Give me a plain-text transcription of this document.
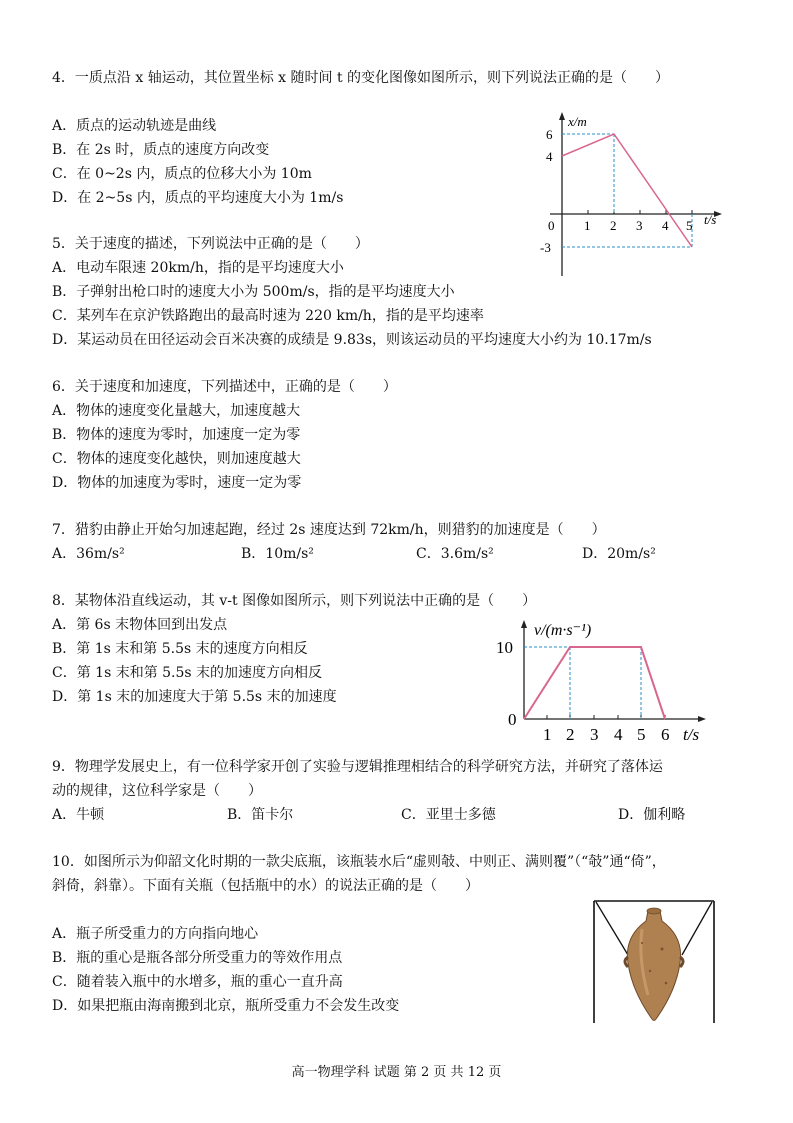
4．一质点沿 x 轴运动，其位置坐标 x 随时间 t 的变化图像如图所示，则下列说法正确的是（　　）
A．质点的运动轨迹是曲线
B．在 2s 时，质点的速度方向改变
C．在 0~2s 内，质点的位移大小为 10m
D．在 2~5s 内，质点的平均速度大小为 1m/s
x/m
t/s
6
4
-3
0 1 2 3 4 5
5．关于速度的描述，下列说法中正确的是（　　）
A．电动车限速 20km/h，指的是平均速度大小
B．子弹射出枪口时的速度大小为 500m/s，指的是平均速度大小
C．某列车在京沪铁路跑出的最高时速为 220 km/h，指的是平均速率
D．某运动员在田径运动会百米决赛的成绩是 9.83s，则该运动员的平均速度大小约为 10.17m/s
6．关于速度和加速度，下列描述中，正确的是（　　）
A．物体的速度变化量越大，加速度越大
B．物体的速度为零时，加速度一定为零
C．物体的速度变化越快，则加速度越大
D．物体的加速度为零时，速度一定为零
7．猎豹由静止开始匀加速起跑，经过 2s 速度达到 72km/h，则猎豹的加速度是（　　）
A．36m/s²	B．10m/s²	C．3.6m/s²	D．20m/s²
8．某物体沿直线运动，其 v-t 图像如图所示，则下列说法中正确的是（　　）
A．第 6s 末物体回到出发点
B．第 1s 末和第 5.5s 末的速度方向相反
C．第 1s 末和第 5.5s 末的加速度方向相反
D．第 1s 末的加速度大于第 5.5s 末的加速度
v/(m·s⁻¹)
t/s
10
0
1 2 3 4 5 6
9．物理学发展史上，有一位科学家开创了实验与逻辑推理相结合的科学研究方法，并研究了落体运
动的规律，这位科学家是（　　）
A．牛顿	B．笛卡尔	C．亚里士多德	D．伽利略
10．如图所示为仰韶文化时期的一款尖底瓶，该瓶装水后“虚则攲、中则正、满则覆”（“攲”通“倚”，
斜倚，斜靠）。下面有关瓶（包括瓶中的水）的说法正确的是（　　）
A．瓶子所受重力的方向指向地心
B．瓶的重心是瓶各部分所受重力的等效作用点
C．随着装入瓶中的水增多，瓶的重心一直升高
D．如果把瓶由海南搬到北京，瓶所受重力不会发生改变
高一物理学科 试题 第 2 页 共 12 页
